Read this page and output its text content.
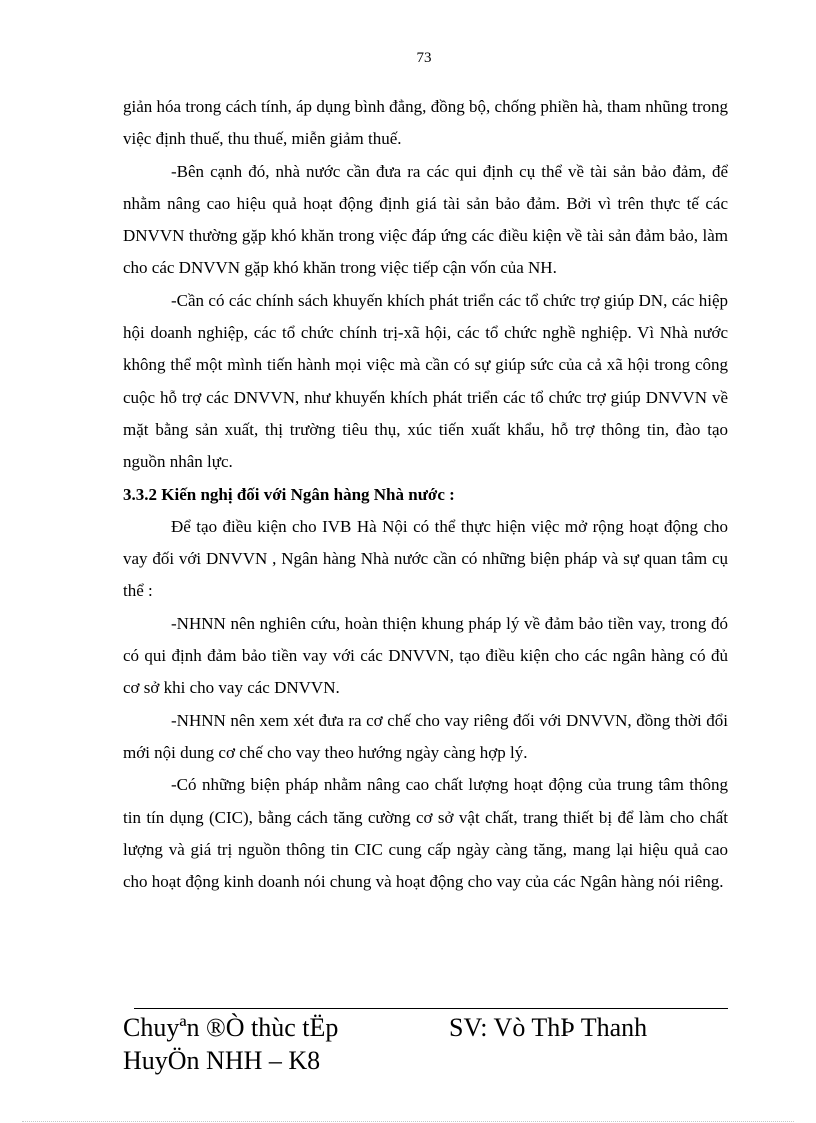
73

giản hóa trong cách tính, áp dụng bình đẳng, đồng bộ, chống phiền hà, tham nhũng trong việc định thuế, thu thuế, miễn giảm thuế.

-Bên cạnh đó, nhà nước cần đưa ra các qui định cụ thể về tài sản bảo đảm, để nhằm nâng cao hiệu quả hoạt động định giá tài sản bảo đảm. Bởi vì trên thực tế các DNVVN thường gặp khó khăn trong việc đáp ứng các điều kiện về tài sản đảm bảo, làm cho các DNVVN gặp khó khăn trong việc tiếp cận vốn của NH.

-Cần có các chính sách khuyến khích phát triển các tổ chức trợ giúp DN, các hiệp hội doanh nghiệp, các tổ chức chính trị-xã hội, các tổ chức nghề nghiệp. Vì Nhà nước không thể một mình tiến hành mọi việc mà cần có sự giúp sức của cả xã hội trong công cuộc hỗ trợ các DNVVN, như khuyến khích phát triển các tổ chức trợ giúp DNVVN về mặt bằng sản xuất, thị trường tiêu thụ, xúc tiến xuất khẩu, hỗ trợ thông tin, đào tạo nguồn nhân lực.

3.3.2 Kiến nghị đối với Ngân hàng Nhà nước :

Để tạo điều kiện cho IVB Hà Nội có thể thực hiện việc mở rộng hoạt động cho vay đối với DNVVN , Ngân hàng Nhà nước cần có những biện pháp và sự quan tâm cụ thể :

-NHNN nên nghiên cứu, hoàn thiện khung pháp lý về đảm bảo tiền vay, trong đó có qui định đảm bảo tiền vay với các DNVVN, tạo điều kiện cho các ngân hàng có đủ cơ sở khi cho vay các DNVVN.

-NHNN nên xem xét đưa ra cơ chế cho vay riêng đối với DNVVN, đồng thời đổi mới nội dung cơ chế cho vay theo hướng ngày càng hợp lý.

-Có những biện pháp nhằm nâng cao chất lượng hoạt động của trung tâm thông tin tín dụng (CIC), bằng cách tăng cường cơ sở vật chất, trang thiết bị để làm cho chất lượng và giá trị nguồn thông tin CIC cung cấp ngày càng tăng, mang lại hiệu quả cao cho hoạt động kinh doanh nói chung và hoạt động cho vay của các Ngân hàng nói riêng.

Chuyªn ®Ò thùc tËp
HuyÖn NHH – K8
SV: Vò ThÞ Thanh
